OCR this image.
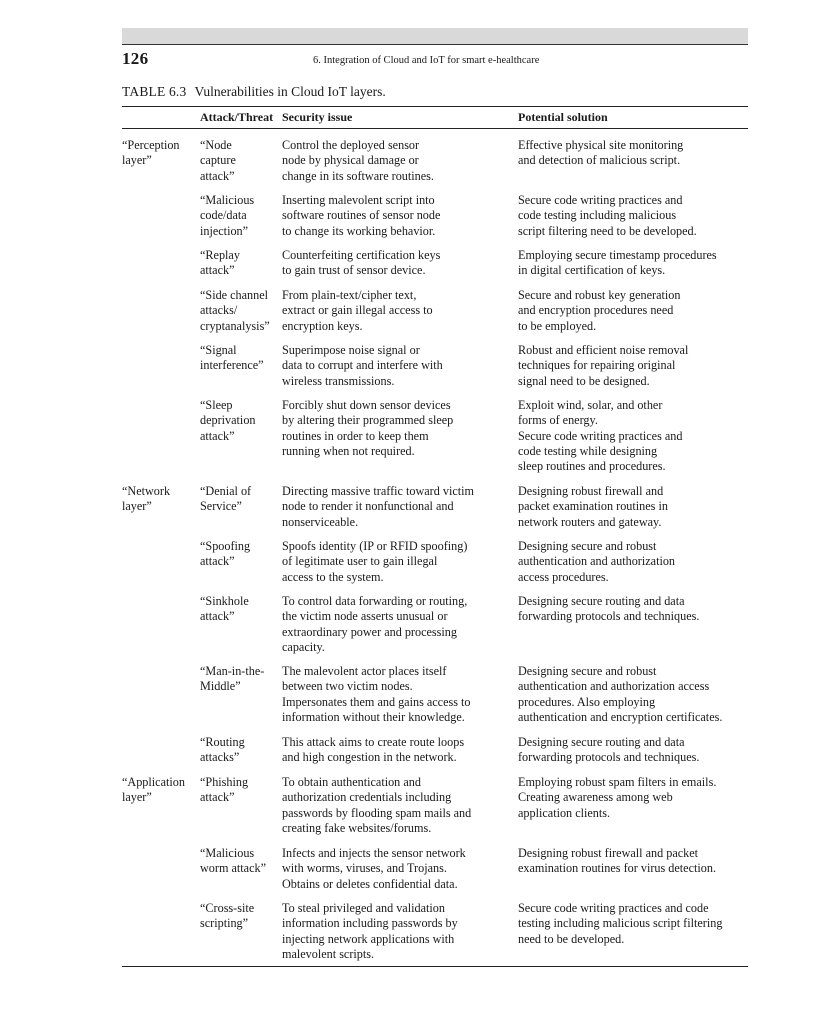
126	6. Integration of Cloud and IoT for smart e-healthcare
TABLE 6.3 Vulnerabilities in Cloud IoT layers.
Attack/Threat Security issue	Potential solution
“Perception
layer”
“Node
capture
attack”
Control the deployed sensor
node by physical damage or
change in its software routines.
Effective physical site monitoring
and detection of malicious script.
“Malicious
code/data
injection”
Inserting malevolent script into
software routines of sensor node
to change its working behavior.
Secure code writing practices and
code testing including malicious
script filtering need to be developed.
“Replay
attack”
Counterfeiting certification keys
to gain trust of sensor device.
Employing secure timestamp procedures
in digital certification of keys.
“Side channel
attacks/
cryptanalysis”
From plain-text/cipher text,
extract or gain illegal access to
encryption keys.
Secure and robust key generation
and encryption procedures need
to be employed.
“Signal
interference”
Superimpose noise signal or
data to corrupt and interfere with
wireless transmissions.
Robust and efficient noise removal
techniques for repairing original
signal need to be designed.
“Sleep
deprivation
attack”
Forcibly shut down sensor devices
by altering their programmed sleep
routines in order to keep them
running when not required.
Exploit wind, solar, and other
forms of energy.
Secure code writing practices and
code testing while designing
sleep routines and procedures.
“Network
layer”
“Denial of
Service”
Directing massive traffic toward victim
node to render it nonfunctional and
nonserviceable.
Designing robust firewall and
packet examination routines in
network routers and gateway.
“Spoofing
attack”
Spoofs identity (IP or RFID spoofing)
of legitimate user to gain illegal
access to the system.
Designing secure and robust
authentication and authorization
access procedures.
“Sinkhole
attack”
To control data forwarding or routing,
the victim node asserts unusual or
extraordinary power and processing
capacity.
Designing secure routing and data
forwarding protocols and techniques.
“Man-in-the-
Middle”
The malevolent actor places itself
between two victim nodes.
Impersonates them and gains access to
information without their knowledge.
Designing secure and robust
authentication and authorization access
procedures. Also employing
authentication and encryption certificates.
“Routing
attacks”
This attack aims to create route loops
and high congestion in the network.
Designing secure routing and data
forwarding protocols and techniques.
“Application
layer”
“Phishing
attack”
To obtain authentication and
authorization credentials including
passwords by flooding spam mails and
creating fake websites/forums.
Employing robust spam filters in emails.
Creating awareness among web
application clients.
“Malicious
worm attack”
Infects and injects the sensor network
with worms, viruses, and Trojans.
Obtains or deletes confidential data.
Designing robust firewall and packet
examination routines for virus detection.
“Cross-site
scripting”
To steal privileged and validation
information including passwords by
injecting network applications with
malevolent scripts.
Secure code writing practices and code
testing including malicious script filtering
need to be developed.
